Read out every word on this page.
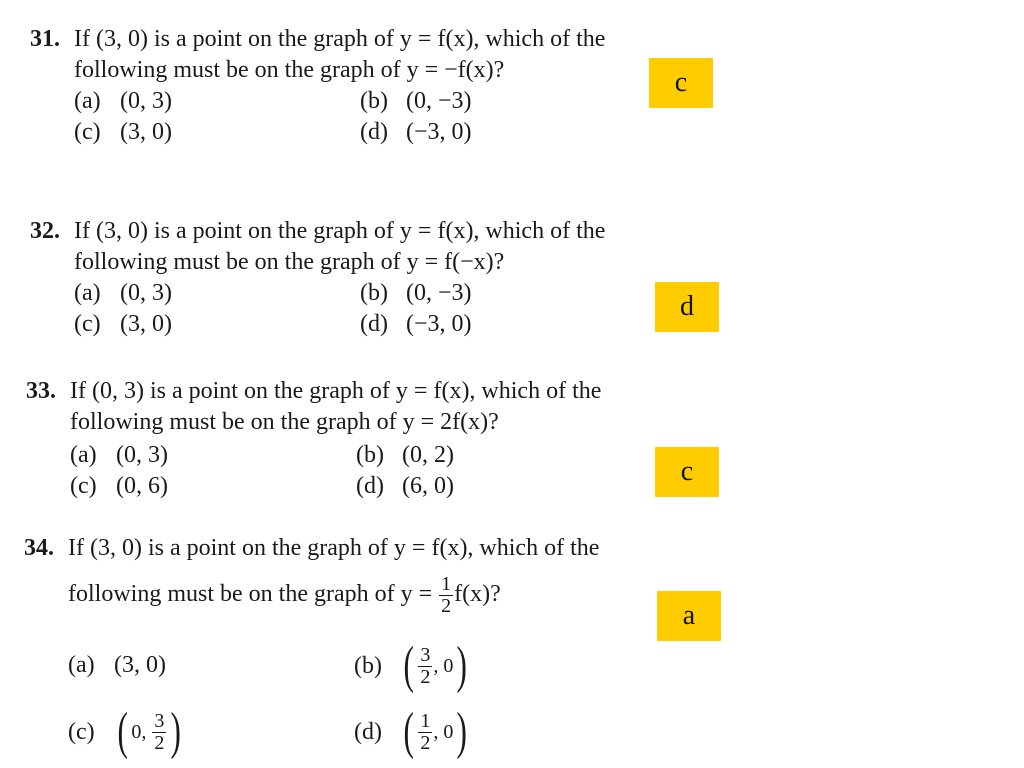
31. If (3, 0) is a point on the graph of y = f(x), which of the
following must be on the graph of y = −f(x)?
(a) (0, 3)	(b) (0, −3)
(c) (3, 0)	(d) (−3, 0)
c
32. If (3, 0) is a point on the graph of y = f(x), which of the
following must be on the graph of y = f(−x)?
(a) (0, 3)	(b) (0, −3)
(c) (3, 0)	(d) (−3, 0)
d
33. If (0, 3) is a point on the graph of y = f(x), which of the
following must be on the graph of y = 2f(x)?
(a) (0, 3)	(b) (0, 2)
(c) (0, 6)	(d) (6, 0)	c
34. If (3, 0) is a point on the graph of y = f(x), which of the
following must be on the graph of $y = \frac{1}{2} f(x)$?
(a) (3, 0)	(b) ( $\frac{3}{2}$ , 0 )
(c) ( 0 , $\frac{3}{2}$ )	(d) ( $\frac{1}{2}$ , 0 )
a
